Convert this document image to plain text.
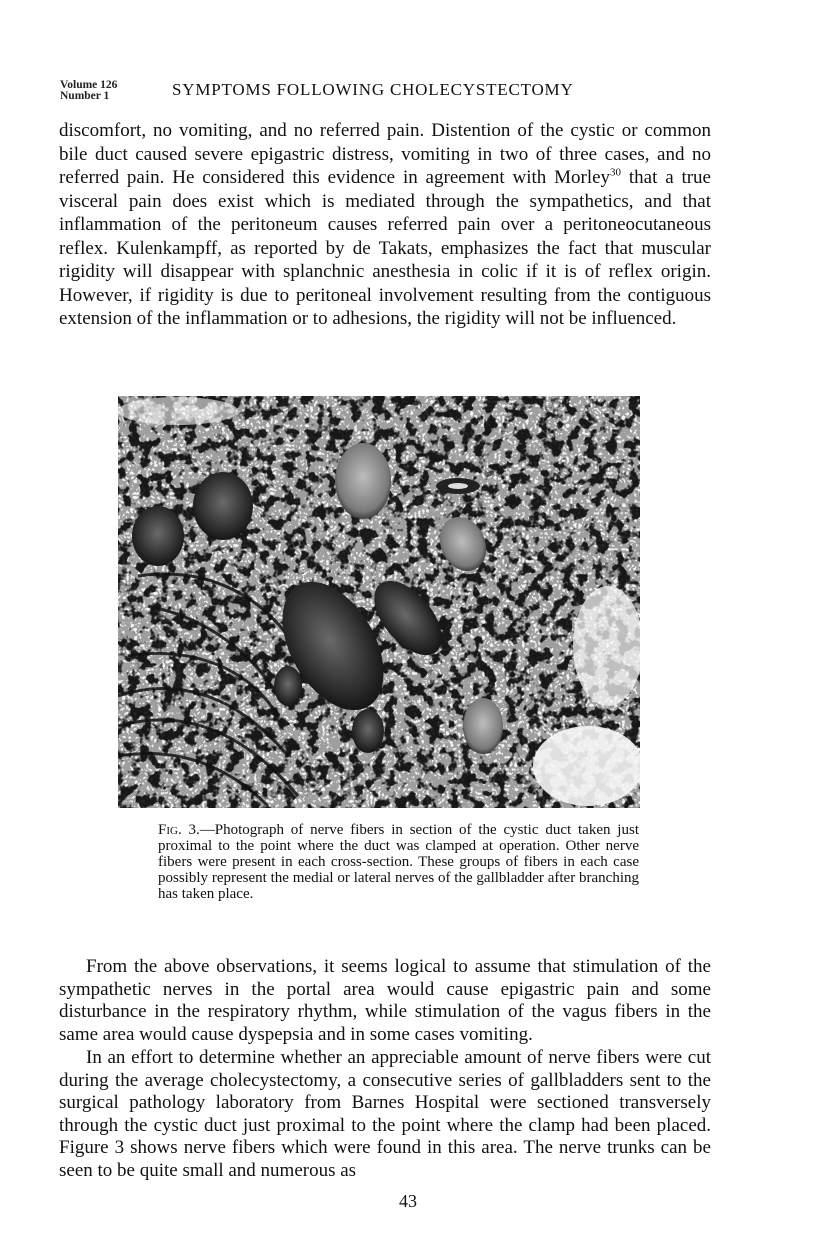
Volume 126
Number 1	SYMPTOMS FOLLOWING CHOLECYSTECTOMY
discomfort, no vomiting, and no referred pain. Distention of the cystic or common bile duct caused severe epigastric distress, vomiting in two of three cases, and no referred pain. He considered this evidence in agreement with Morley$^{30}$ that a true visceral pain does exist which is mediated through the sympathetics, and that inflammation of the peritoneum causes referred pain over a peritoneocutaneous reflex. Kulenkampff, as reported by de Takats, emphasizes the fact that muscular rigidity will disappear with splanchnic anesthesia in colic if it is of reflex origin. However, if rigidity is due to peritoneal involvement resulting from the contiguous extension of the inflammation or to adhesions, the rigidity will not be influenced.
Fig. 3.—Photograph of nerve fibers in section of the cystic duct taken just proximal to the point where the duct was clamped at operation. Other nerve fibers were present in each cross-section. These groups of fibers in each case possibly represent the medial or lateral nerves of the gallbladder after branching has taken place.
From the above observations, it seems logical to assume that stimulation of the sympathetic nerves in the portal area would cause epigastric pain and some disturbance in the respiratory rhythm, while stimulation of the vagus fibers in the same area would cause dyspepsia and in some cases vomiting.
In an effort to determine whether an appreciable amount of nerve fibers were cut during the average cholecystectomy, a consecutive series of gallbladders sent to the surgical pathology laboratory from Barnes Hospital were sectioned transversely through the cystic duct just proximal to the point where the clamp had been placed. Figure 3 shows nerve fibers which were found in this area. The nerve trunks can be seen to be quite small and numerous as
43
